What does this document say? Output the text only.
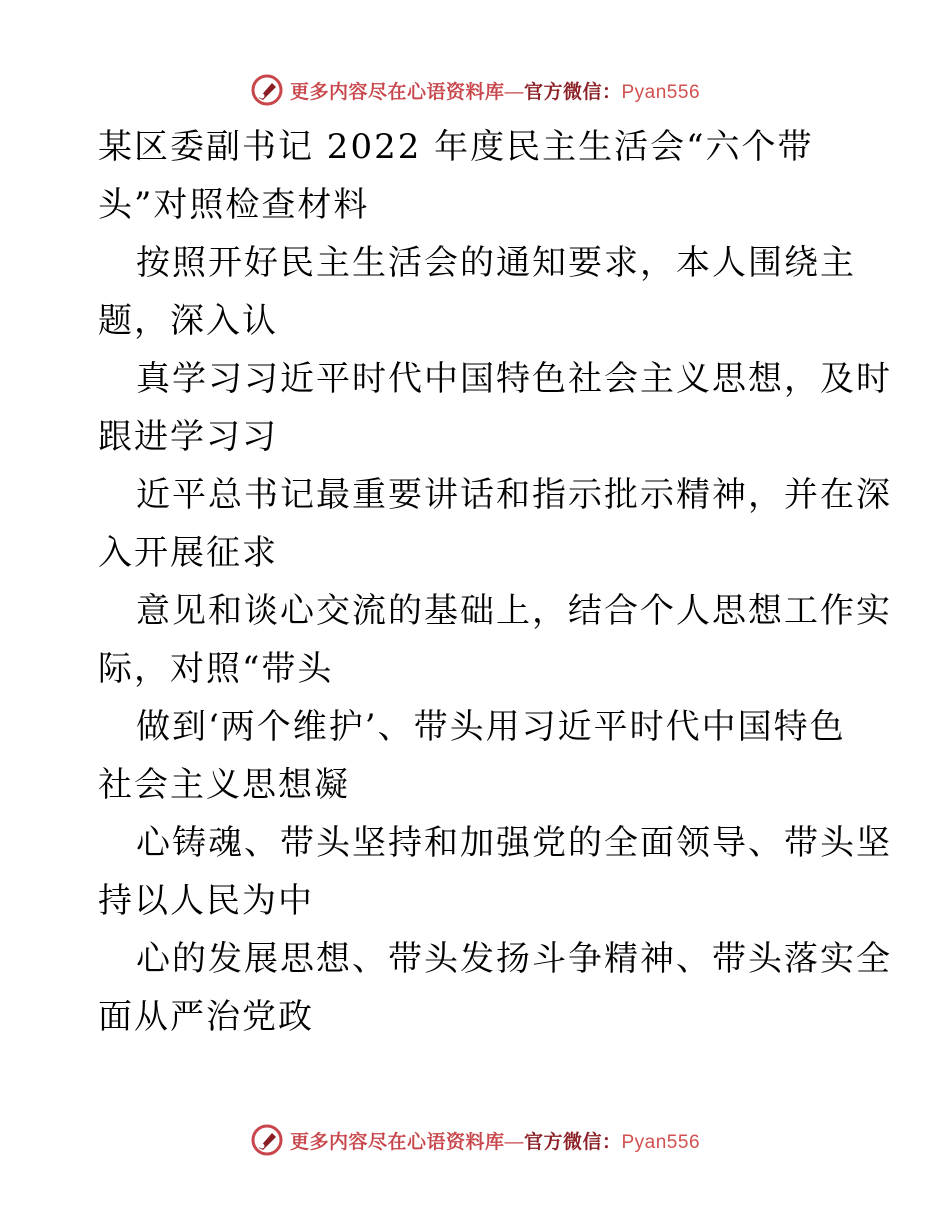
更多内容尽在心语资料库—官方微信：Pyan556
某区委副书记 2022 年度民主生活会“六个带
头”对照检查材料
按照开好民主生活会的通知要求，本人围绕主
题，深入认
真学习习近平时代中国特色社会主义思想，及时
跟进学习习
近平总书记最重要讲话和指示批示精神，并在深
入开展征求
意见和谈心交流的基础上，结合个人思想工作实
际，对照“带头
做到‘两个维护’、带头用习近平时代中国特色
社会主义思想凝
心铸魂、带头坚持和加强党的全面领导、带头坚
持以人民为中
心的发展思想、带头发扬斗争精神、带头落实全
面从严治党政
更多内容尽在心语资料库—官方微信：Pyan556
